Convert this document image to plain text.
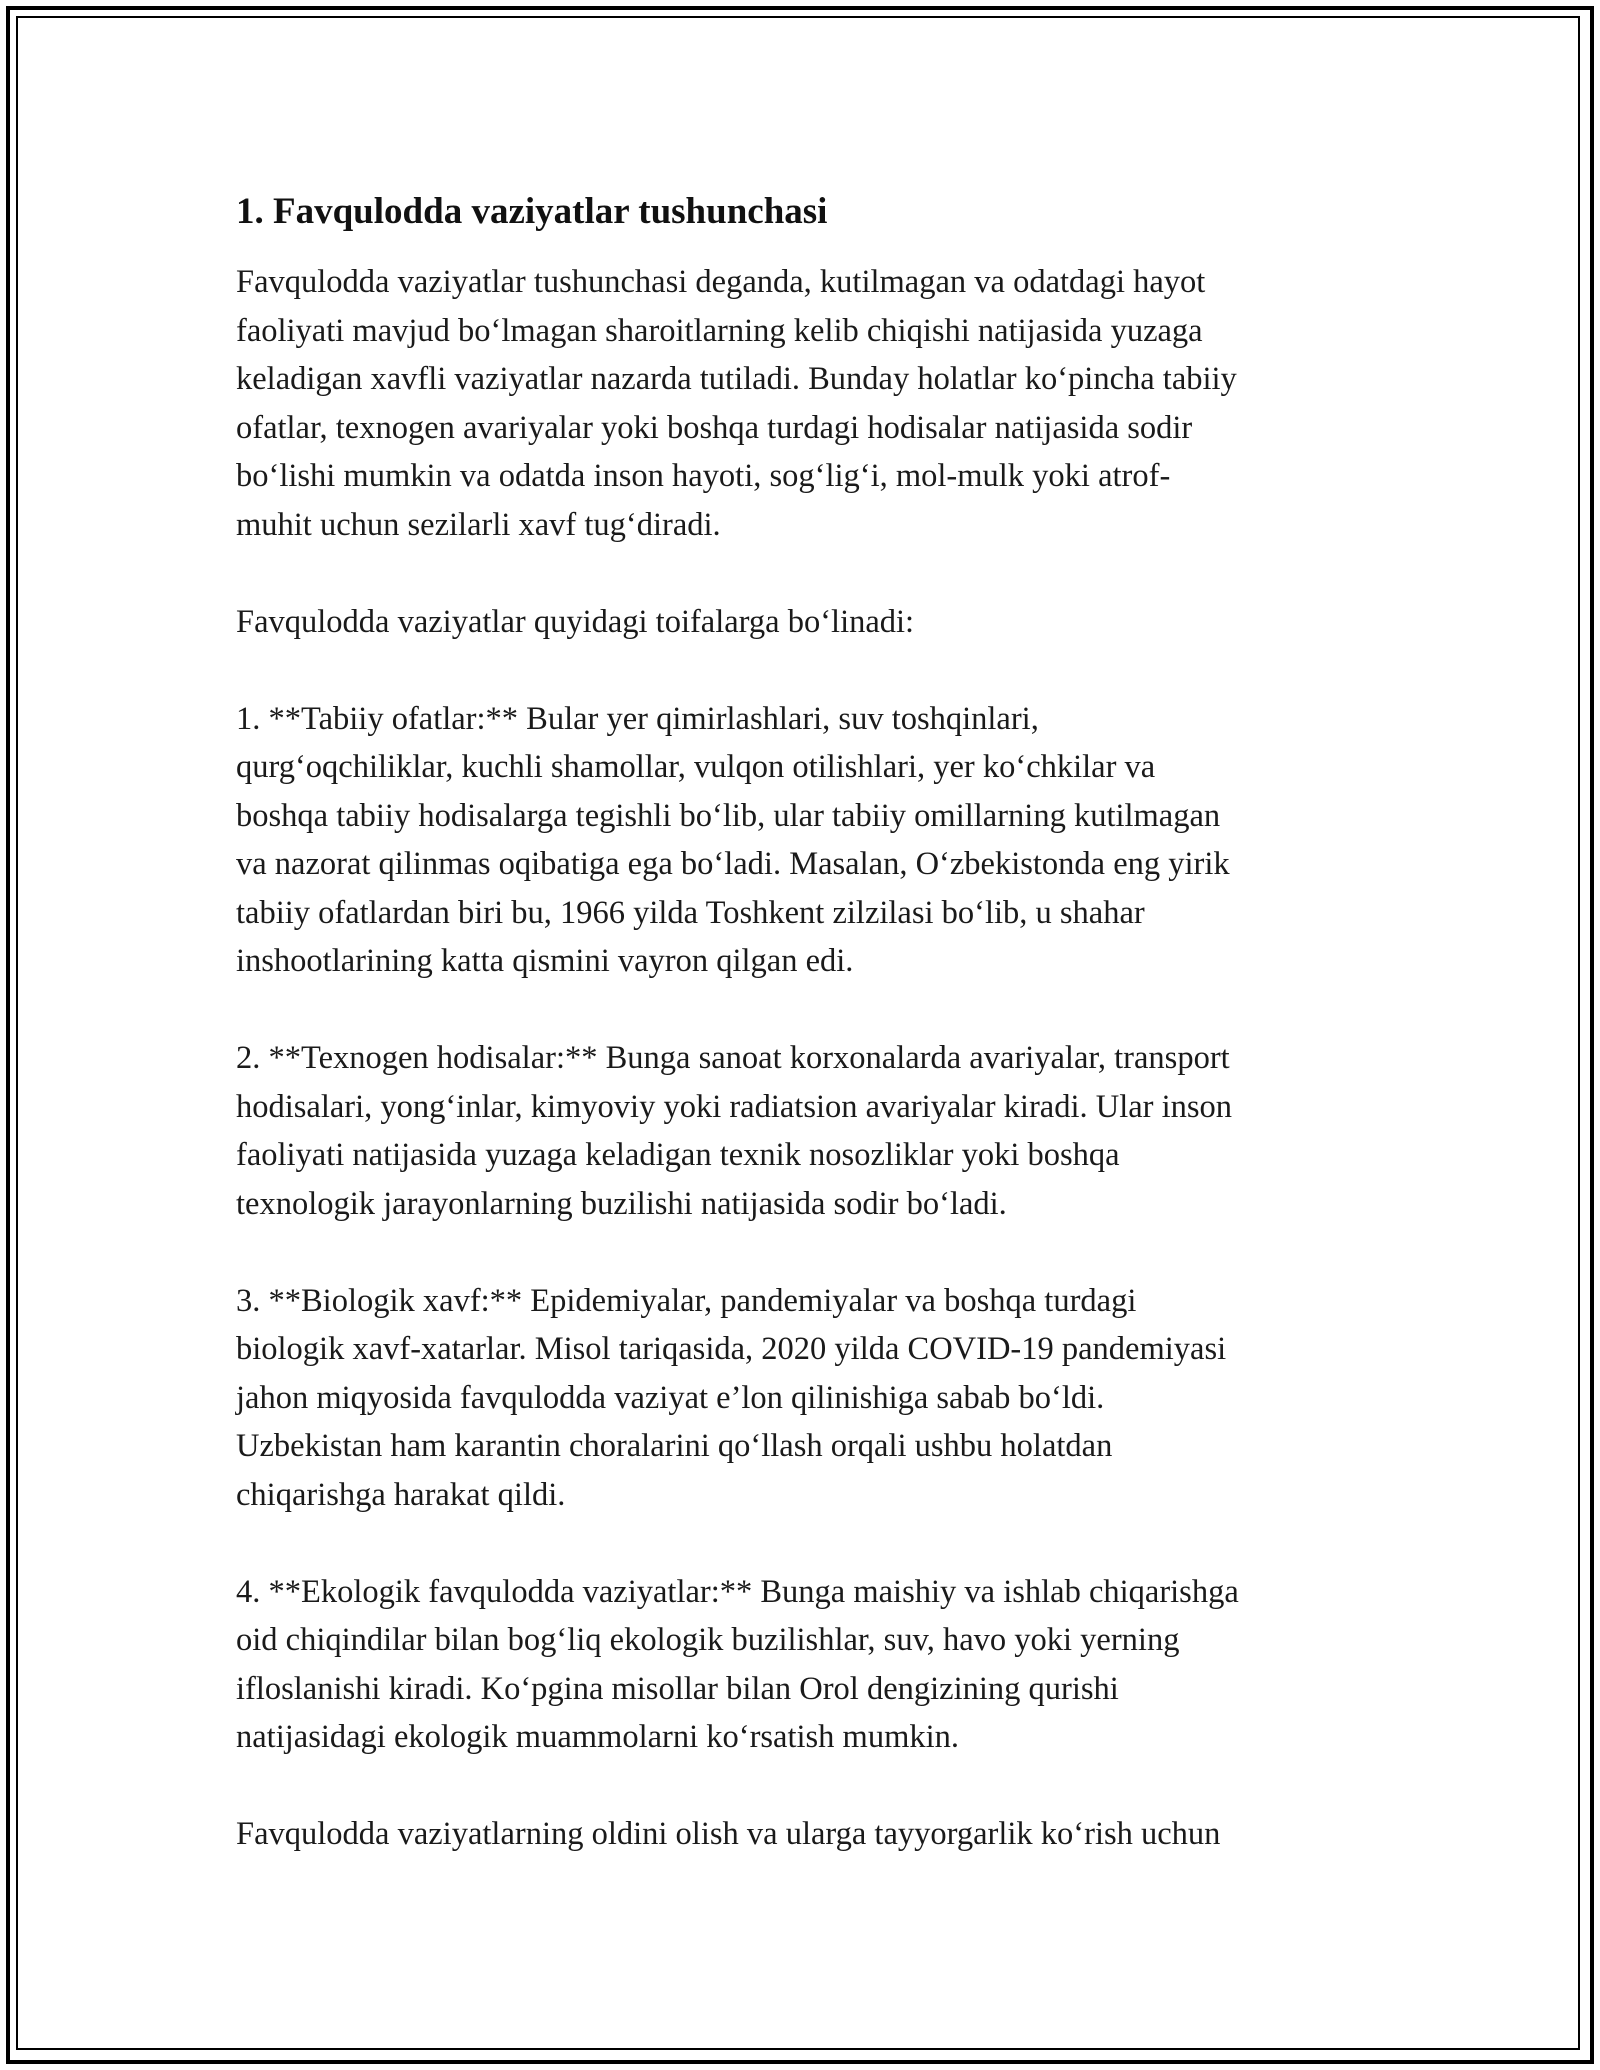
1. Favqulodda vaziyatlar tushunchasi
Favqulodda vaziyatlar tushunchasi deganda, kutilmagan va odatdagi hayot
faoliyati mavjud bo‘lmagan sharoitlarning kelib chiqishi natijasida yuzaga
keladigan xavfli vaziyatlar nazarda tutiladi. Bunday holatlar ko‘pincha tabiiy
ofatlar, texnogen avariyalar yoki boshqa turdagi hodisalar natijasida sodir
bo‘lishi mumkin va odatda inson hayoti, sog‘lig‘i, mol-mulk yoki atrof-
muhit uchun sezilarli xavf tug‘diradi.
Favqulodda vaziyatlar quyidagi toifalarga bo‘linadi:
1. **Tabiiy ofatlar:** Bular yer qimirlashlari, suv toshqinlari,
qurg‘oqchiliklar, kuchli shamollar, vulqon otilishlari, yer ko‘chkilar va
boshqa tabiiy hodisalarga tegishli bo‘lib, ular tabiiy omillarning kutilmagan
va nazorat qilinmas oqibatiga ega bo‘ladi. Masalan, O‘zbekistonda eng yirik
tabiiy ofatlardan biri bu, 1966 yilda Toshkent zilzilasi bo‘lib, u shahar
inshootlarining katta qismini vayron qilgan edi.
2. **Texnogen hodisalar:** Bunga sanoat korxonalarda avariyalar, transport
hodisalari, yong‘inlar, kimyoviy yoki radiatsion avariyalar kiradi. Ular inson
faoliyati natijasida yuzaga keladigan texnik nosozliklar yoki boshqa
texnologik jarayonlarning buzilishi natijasida sodir bo‘ladi.
3. **Biologik xavf:** Epidemiyalar, pandemiyalar va boshqa turdagi
biologik xavf-xatarlar. Misol tariqasida, 2020 yilda COVID-19 pandemiyasi
jahon miqyosida favqulodda vaziyat e’lon qilinishiga sabab bo‘ldi.
Uzbekistan ham karantin choralarini qo‘llash orqali ushbu holatdan
chiqarishga harakat qildi.
4. **Ekologik favqulodda vaziyatlar:** Bunga maishiy va ishlab chiqarishga
oid chiqindilar bilan bog‘liq ekologik buzilishlar, suv, havo yoki yerning
ifloslanishi kiradi. Ko‘pgina misollar bilan Orol dengizining qurishi
natijasidagi ekologik muammolarni ko‘rsatish mumkin.
Favqulodda vaziyatlarning oldini olish va ularga tayyorgarlik ko‘rish uchun
